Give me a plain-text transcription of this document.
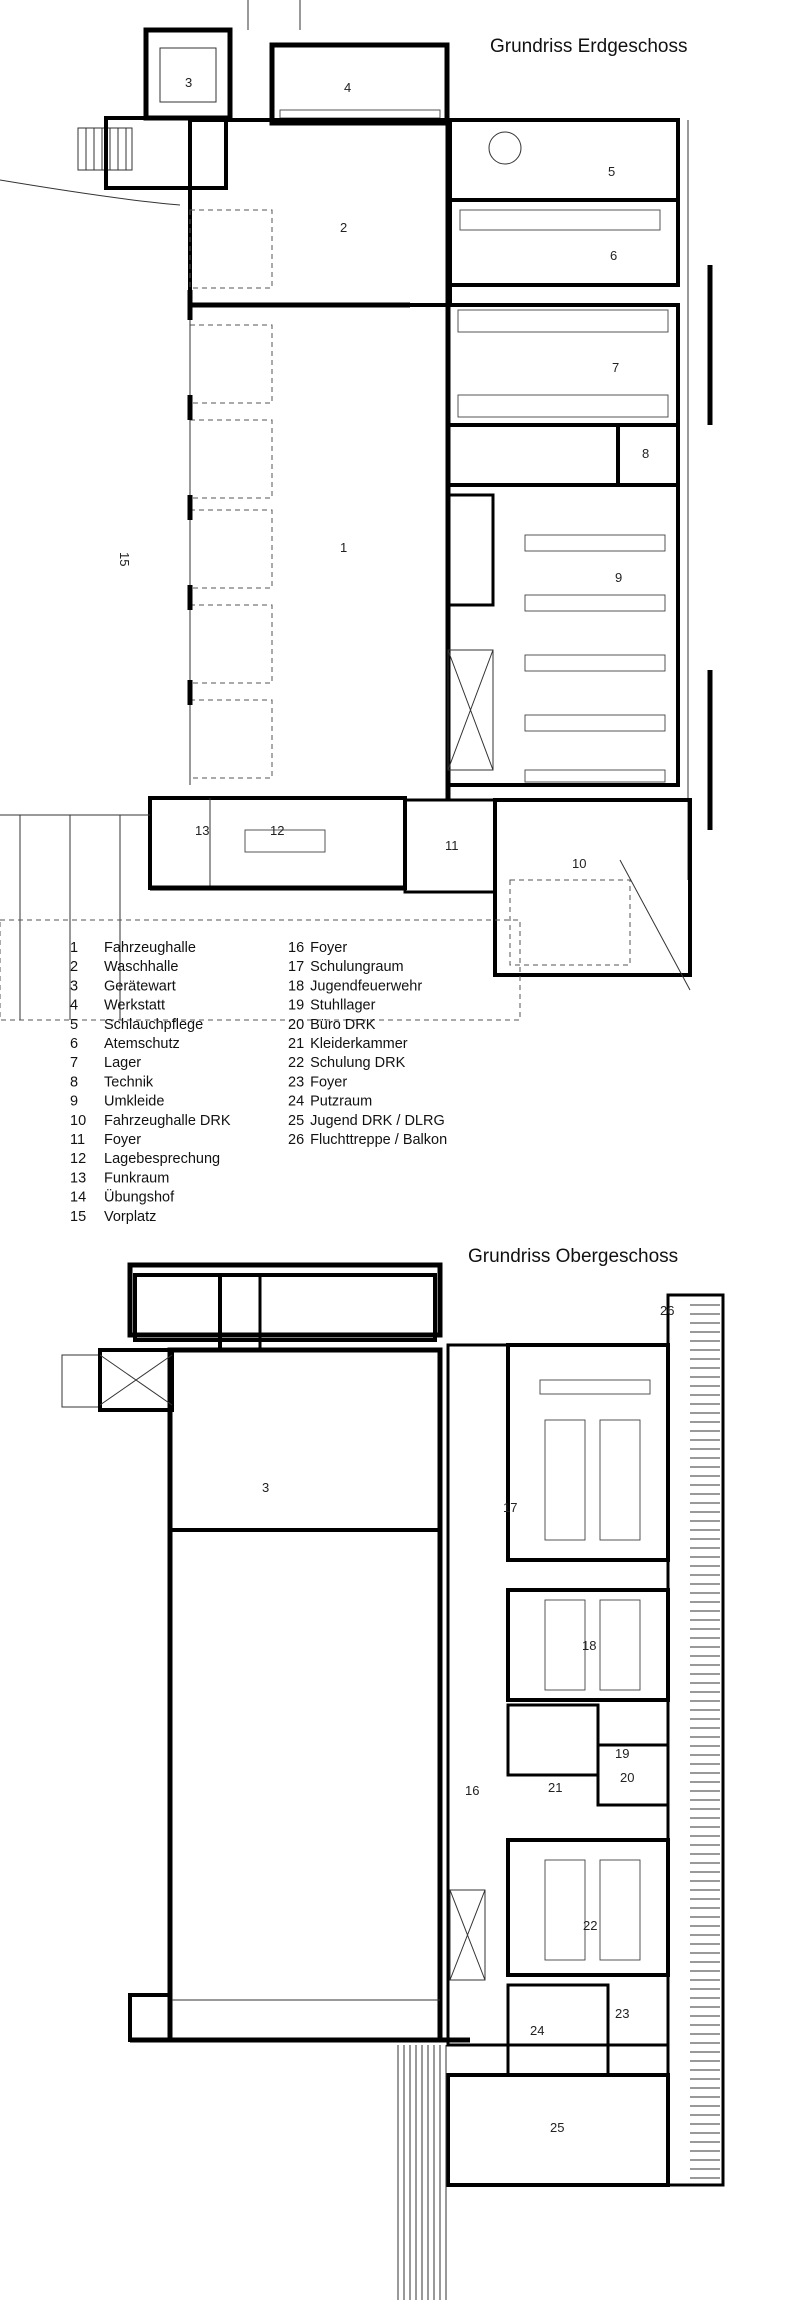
Grundriss Erdgeschoss
2
3	4
5
6
7
8
9
10
11
12
13
1
15
1 Fahrzeughalle
2 Waschhalle
3 Gerätewart
4 Werkstatt
5 Schlauchpflege
6 Atemschutz
7 Lager
8 Technik
9 Umkleide
10 Fahrzeughalle DRK
11 Foyer
12 Lagebesprechung
13 Funkraum
14 Übungshof
15 Vorplatz
16 Foyer
17 Schulungraum
18 Jugendfeuerwehr
19 Stuhllager
20 Büro DRK
21 Kleiderkammer
22 Schulung DRK
23 Foyer
24 Putzraum
25 Jugend DRK / DLRG
26 Fluchttreppe / Balkon
Grundriss Obergeschoss
3
16
17
18
19
20
21
22
23
24
25
26
